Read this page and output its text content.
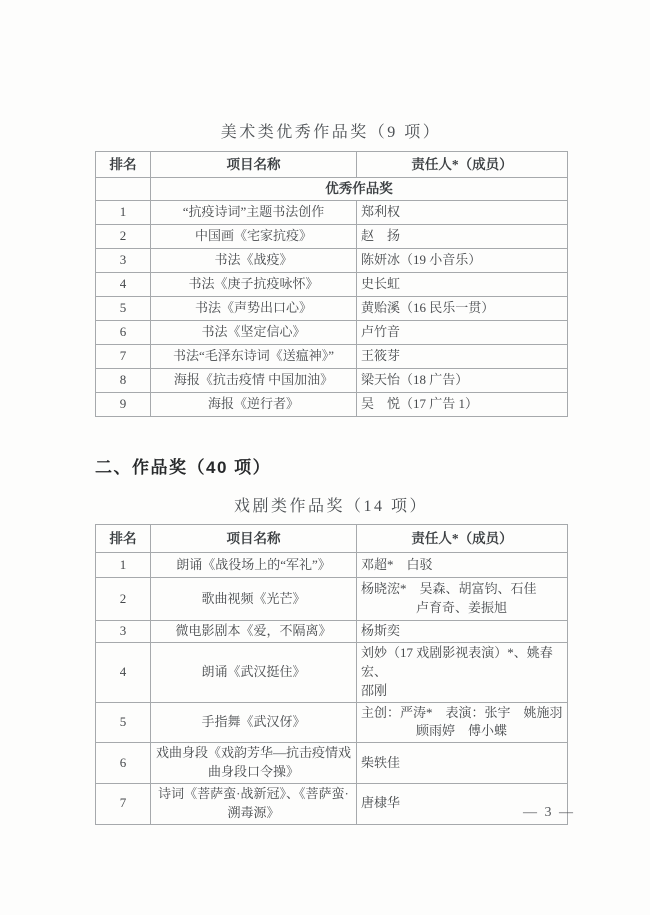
美术类优秀作品奖（9 项）
排名	项目名称	责任人*（成员）
	优秀作品奖	
1	“抗疫诗词”主题书法创作	郑利权
2	中国画《宅家抗疫》	赵　扬
3	书法《战疫》	陈妍冰（19 小音乐）
4	书法《庚子抗疫咏怀》	史长虹
5	书法《声势出口心》	黄贻溪（16 民乐一贯）
6	书法《坚定信心》	卢竹音
7	书法“毛泽东诗词《送瘟神》”	王筱芽
8	海报《抗击疫情 中国加油》	梁天怡（18 广告）
9	海报《逆行者》	吴　悦（17 广告 1）
二、作品奖（40 项）
戏剧类作品奖（14 项）
排名	项目名称	责任人*（成员）
1	朗诵《战役场上的“军礼”》	邓超*　白驳
2	歌曲视频《光芒》	杨晓浤*　吴森、胡富钧、石佳
卢育奇、姜振旭

3	微电影剧本《爱，不隔离》	杨斯奕
4	朗诵《武汉挺住》	刘妙（17 戏剧影视表演）*、姚春宏、
邵刚

5	手指舞《武汉伢》	主创：严涛*　表演：张宇　姚施羽
顾雨婷　傅小蝶

6	戏曲身段《戏韵芳华—抗击疫情戏曲身段口令操》	柴轶佳
7	诗词《菩萨蛮·战新冠》、《菩萨蛮·溯毒源》	唐棣华
— 3 —
